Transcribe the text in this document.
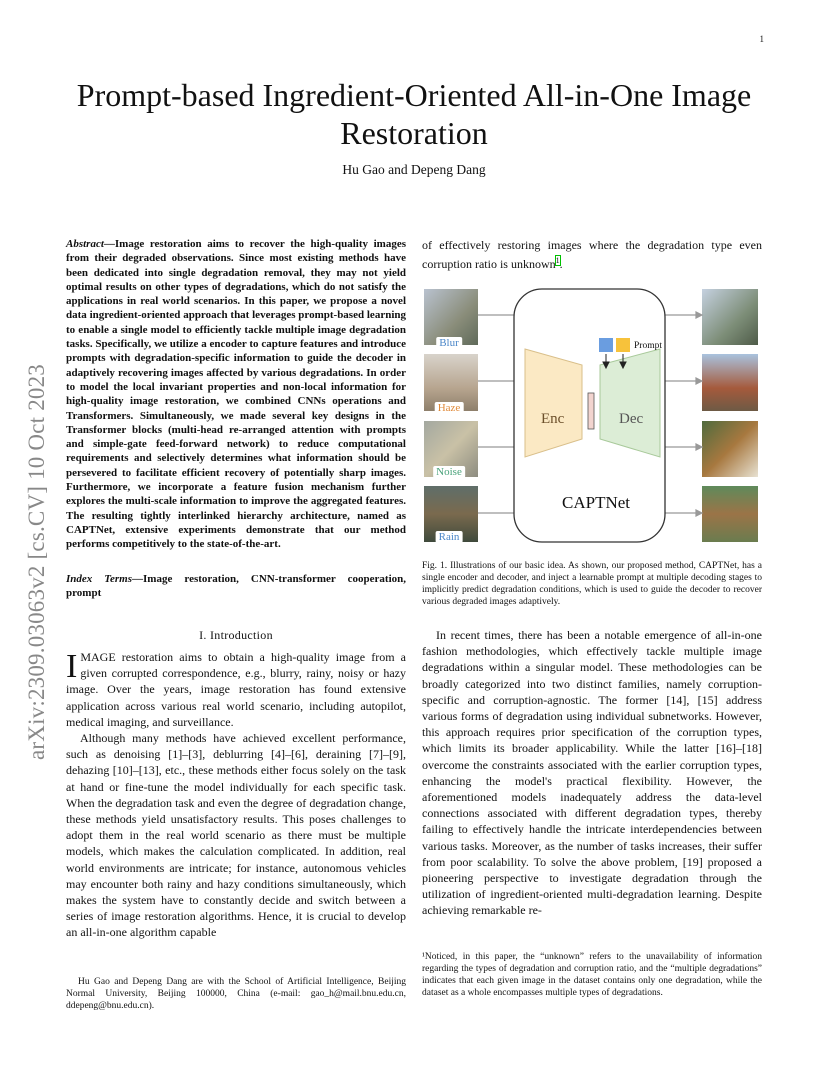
1
arXiv:2309.03063v2 [cs.CV] 10 Oct 2023
Prompt-based Ingredient-Oriented All-in-One Image Restoration
Hu Gao and Depeng Dang
Abstract—Image restoration aims to recover the high-quality images from their degraded observations. Since most existing methods have been dedicated into single degradation removal, they may not yield optimal results on other types of degradations, which do not satisfy the applications in real world scenarios. In this paper, we propose a novel data ingredient-oriented approach that leverages prompt-based learning to enable a single model to efficiently tackle multiple image degradation tasks. Specifically, we utilize a encoder to capture features and introduce prompts with degradation-specific information to guide the decoder in adaptively recovering images affected by various degradations. In order to model the local invariant properties and non-local information for high-quality image restoration, we combined CNNs operations and Transformers. Simultaneously, we made several key designs in the Transformer blocks (multi-head re-arranged attention with prompts and simple-gate feed-forward network) to reduce computational requirements and selectively determines what information should be persevered to facilitate efficient recovery of potentially sharp images. Furthermore, we incorporate a feature fusion mechanism further explores the multi-scale information to improve the aggregated features. The resulting tightly interlinked hierarchy architecture, named as CAPTNet, extensive experiments demonstrate that our method performs competitively to the state-of-the-art.
Index Terms—Image restoration, CNN-transformer cooperation, prompt
I. Introduction

IMAGE restoration aims to obtain a high-quality image from a given corrupted correspondence, e.g., blurry, rainy, noisy or hazy image. Over the years, image restoration has found extensive application across various real world scenario, including autopilot, medical imaging, and surveillance.

Although many methods have achieved excellent performance, such as denoising [1]–[3], deblurring [4]–[6], deraining [7]–[9], dehazing [10]–[13], etc., these methods either focus solely on the task at hand or fine-tune the model individually for each specific task. When the degradation task and even the degree of degradation change, these methods yield unsatisfactory results. This poses challenges to adopt them in the real world scenario as there must be multiple models, which makes the calculation complicated. In addition, real world environments are intricate; for instance, autonomous vehicles may encounter both rainy and hazy conditions simultaneously, which makes the system have to constantly decide and switch between a series of image restoration algorithms. Hence, it is crucial to develop an all-in-one algorithm capable

Hu Gao and Depeng Dang are with the School of Artificial Intelligence, Beijing Normal University, Beijing 100000, China (e-mail: gao_h@mail.bnu.edu.cn, ddepeng@bnu.edu.cn).
of effectively restoring images where the degradation type even corruption ratio is unknown$^1$.
Blur
Haze
Noise
Rain
Prompt
Enc	Dec
CAPTNet
Fig. 1. Illustrations of our basic idea. As shown, our proposed method, CAPTNet, has a single encoder and decoder, and inject a learnable prompt at multiple decoding stages to implicitly predict degradation conditions, which is used to guide the decoder to recover various degraded images adaptively.

In recent times, there has been a notable emergence of all-in-one fashion methodologies, which effectively tackle multiple image degradations within a singular model. These methodologies can be broadly categorized into two distinct families, namely corruption-specific and corruption-agnostic. The former [14], [15] address various forms of degradation using individual subnetworks. However, this approach requires prior specification of the corruption types, which limits its broader applicability. While the latter [16]–[18] overcome the constraints associated with the earlier corruption types, enhancing the model's practical flexibility. However, the aforementioned models inadequately address the data-level connections associated with different degradation types, thereby failing to effectively handle the intricate interdependencies between various tasks. Moreover, as the number of tasks increases, their suffer from poor scalability. To solve the above problem, [19] proposed a pioneering perspective to investigate degradation through the utilization of ingredient-oriented multi-degradation learning. Despite achieving remarkable re-

¹Noticed, in this paper, the “unknown” refers to the unavailability of information regarding the types of degradation and corruption ratio, and the “multiple degradations” indicates that each given image in the dataset contains only one degradation, while the dataset as a whole encompasses multiple types of degradations.
